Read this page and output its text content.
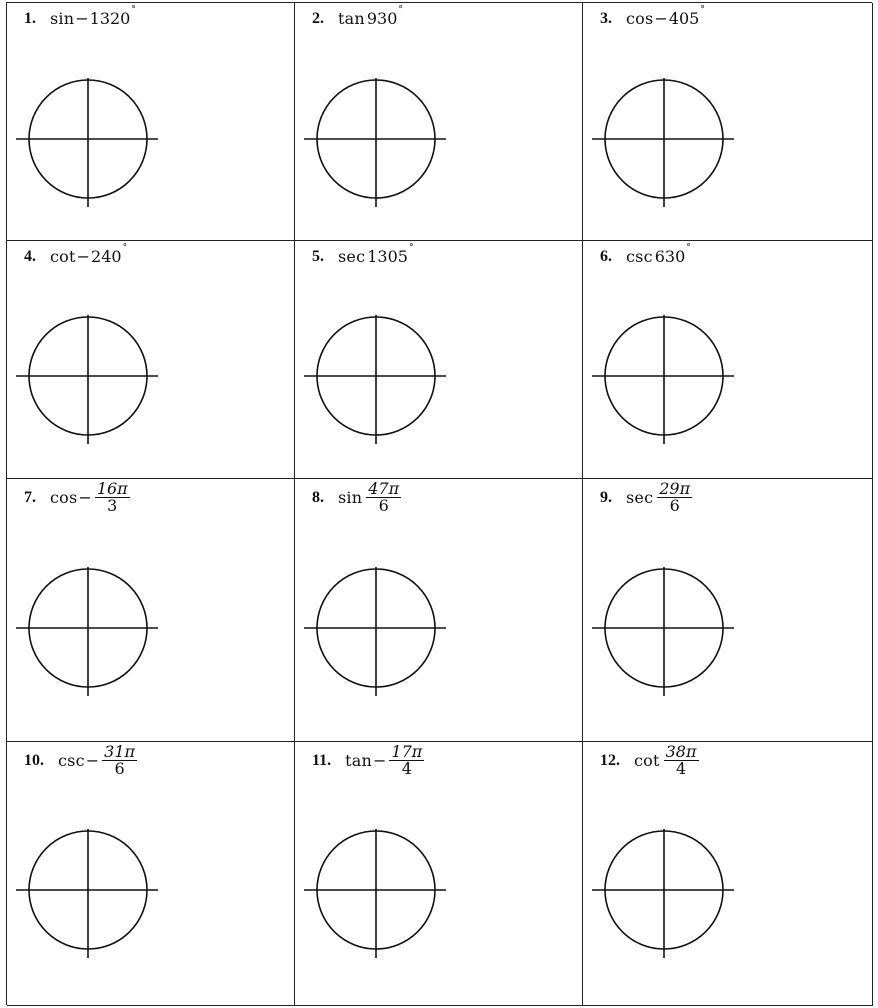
1. sin − 1320 °	2. tan 930 °	3. cos − 405 °
4. cot − 240 °	5. sec 1305 °	6. csc 630 °
7. $\cos - \frac{16\pi}{3}$	8. $\sin \frac{47\pi}{6}$	9. $\sec \frac{29\pi}{6}$
10. $\csc - \frac{31\pi}{6}$	11. $\tan - \frac{17\pi}{4}$	12. $\cot \frac{38\pi}{4}$
